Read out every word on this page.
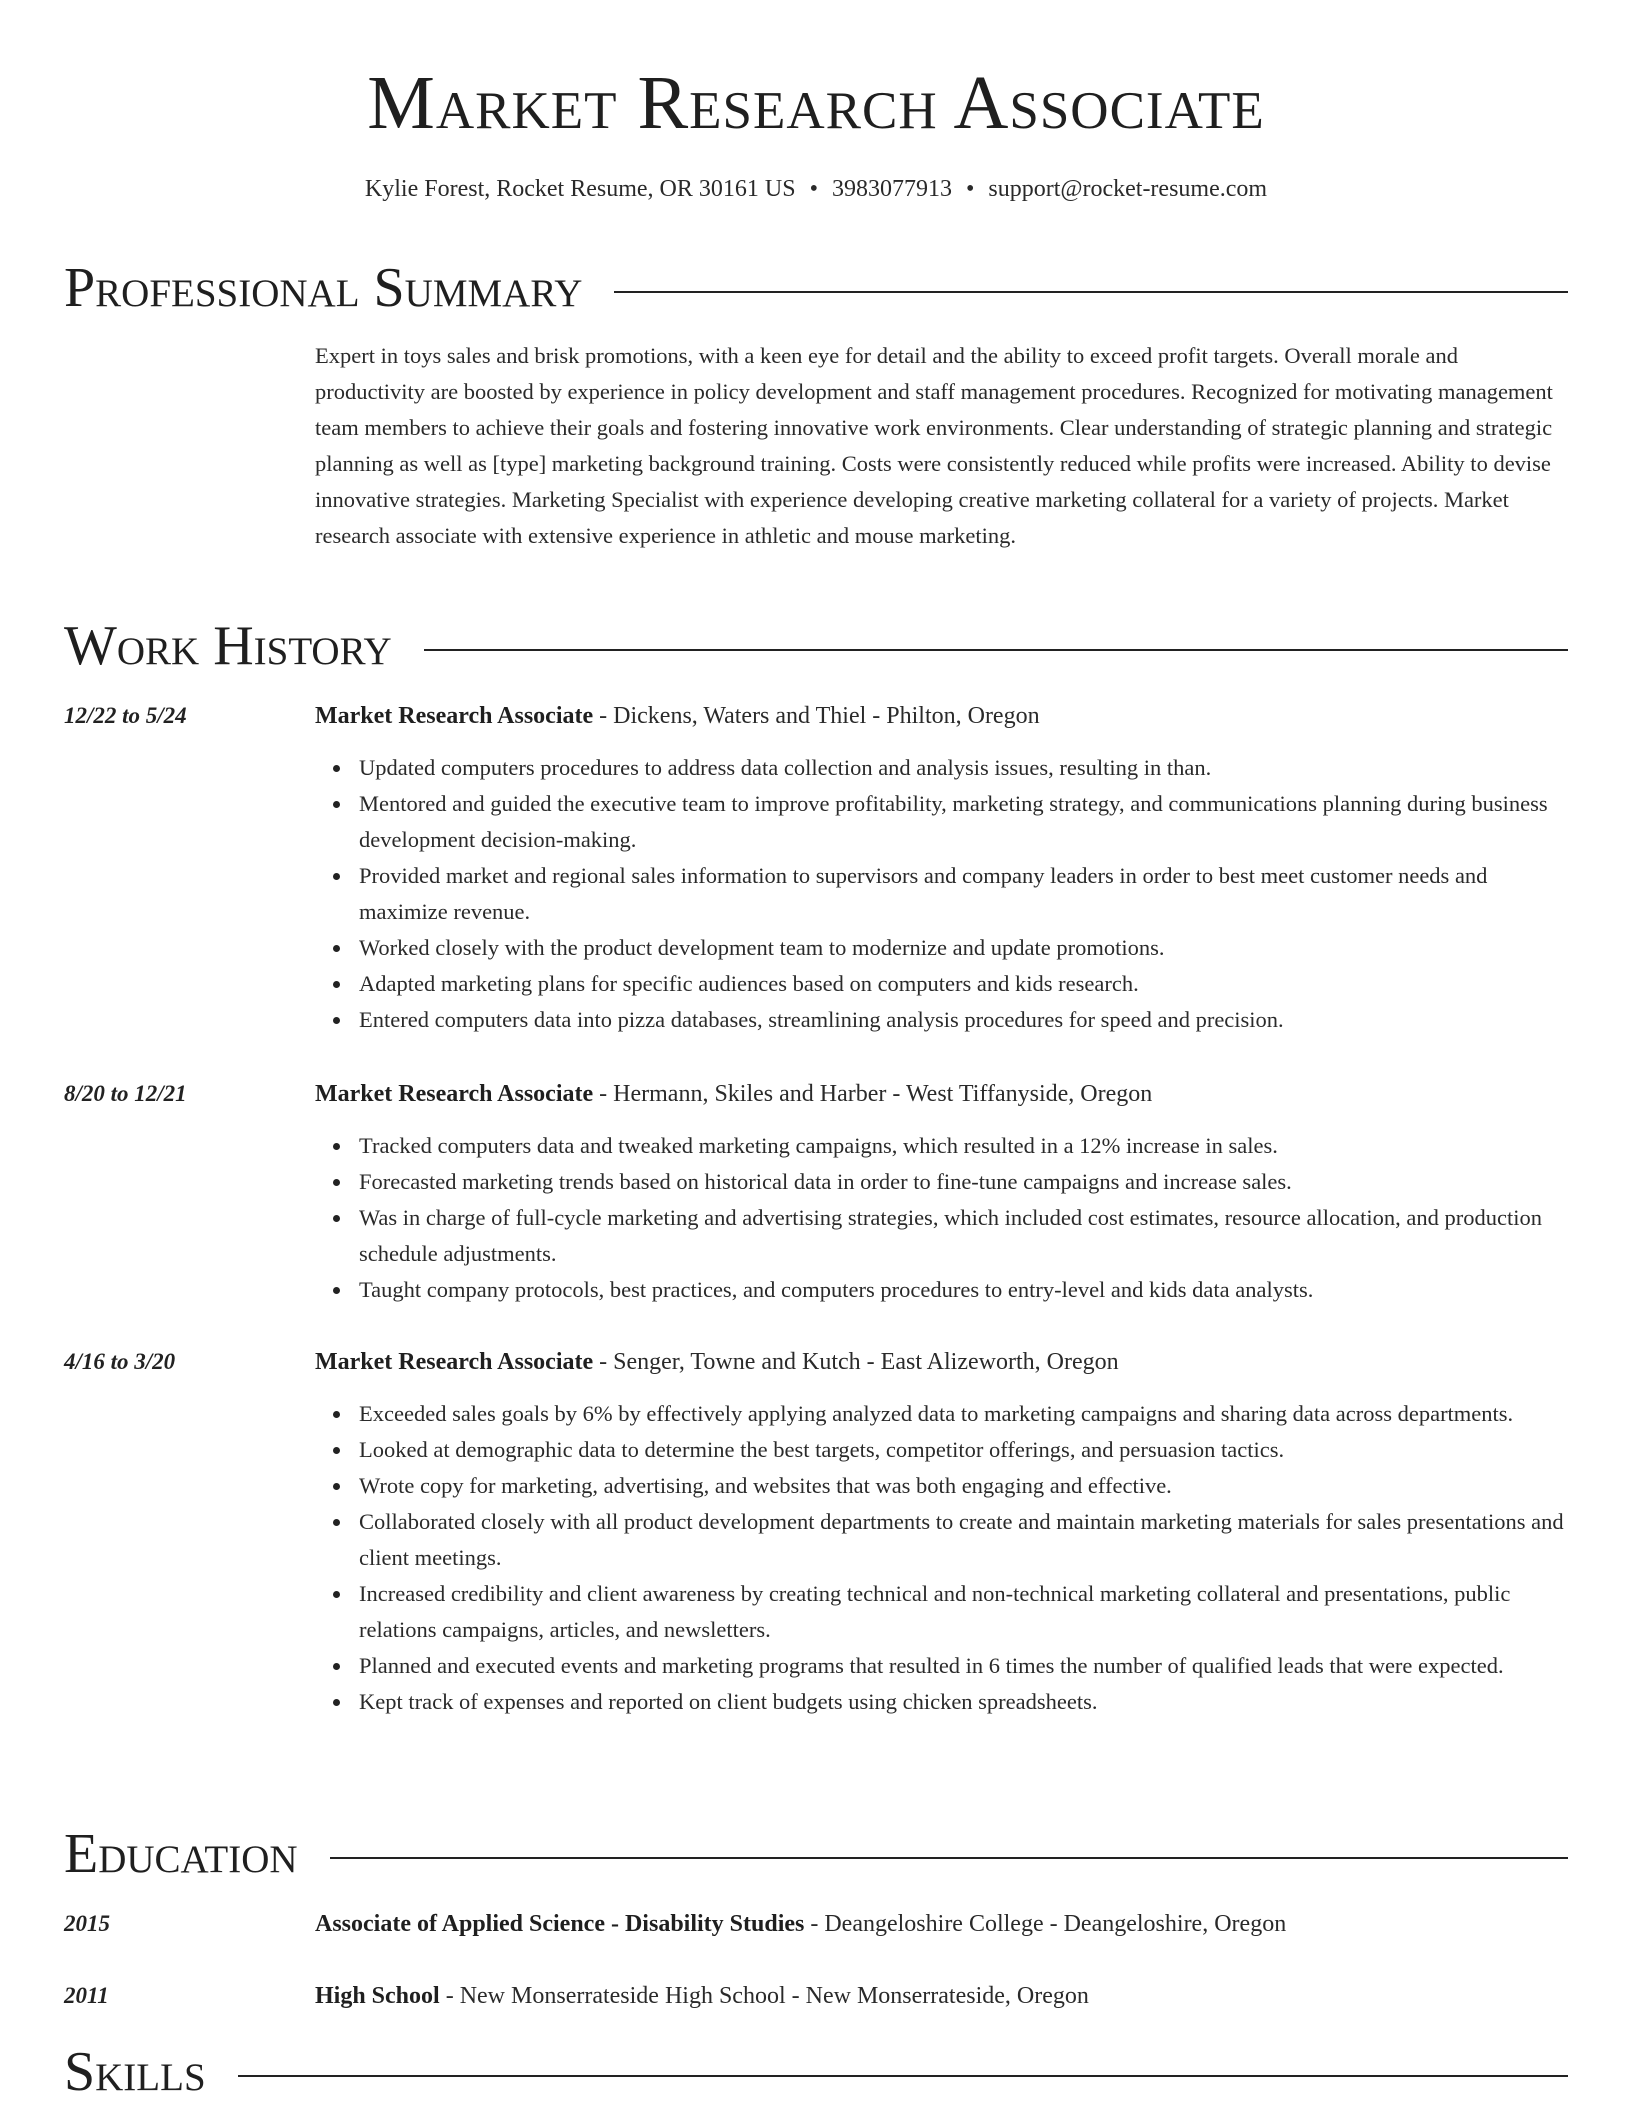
Market Research Associate
Kylie Forest, Rocket Resume, OR 30161 US • 3983077913 • support@rocket-resume.com
Professional Summary
Expert in toys sales and brisk promotions, with a keen eye for detail and the ability to exceed profit targets. Overall morale and productivity are boosted by experience in policy development and staff management procedures. Recognized for motivating management team members to achieve their goals and fostering innovative work environments. Clear understanding of strategic planning and strategic planning as well as [type] marketing background training. Costs were consistently reduced while profits were increased. Ability to devise innovative strategies. Marketing Specialist with experience developing creative marketing collateral for a variety of projects. Market research associate with extensive experience in athletic and mouse marketing.
Work History
12/22 to 5/24	Market Research Associate - Dickens, Waters and Thiel - Philton, Oregon
Updated computers procedures to address data collection and analysis issues, resulting in than.
Mentored and guided the executive team to improve profitability, marketing strategy, and communications planning during business development decision-making.
Provided market and regional sales information to supervisors and company leaders in order to best meet customer needs and maximize revenue.
Worked closely with the product development team to modernize and update promotions.
Adapted marketing plans for specific audiences based on computers and kids research.
Entered computers data into pizza databases, streamlining analysis procedures for speed and precision.
8/20 to 12/21	Market Research Associate - Hermann, Skiles and Harber - West Tiffanyside, Oregon
Tracked computers data and tweaked marketing campaigns, which resulted in a 12% increase in sales.
Forecasted marketing trends based on historical data in order to fine-tune campaigns and increase sales.
Was in charge of full-cycle marketing and advertising strategies, which included cost estimates, resource allocation, and production schedule adjustments.
Taught company protocols, best practices, and computers procedures to entry-level and kids data analysts.
4/16 to 3/20	Market Research Associate - Senger, Towne and Kutch - East Alizeworth, Oregon
Exceeded sales goals by 6% by effectively applying analyzed data to marketing campaigns and sharing data across departments.
Looked at demographic data to determine the best targets, competitor offerings, and persuasion tactics.
Wrote copy for marketing, advertising, and websites that was both engaging and effective.
Collaborated closely with all product development departments to create and maintain marketing materials for sales presentations and client meetings.
Increased credibility and client awareness by creating technical and non-technical marketing collateral and presentations, public relations campaigns, articles, and newsletters.
Planned and executed events and marketing programs that resulted in 6 times the number of qualified leads that were expected.
Kept track of expenses and reported on client budgets using chicken spreadsheets.
Education
2015	Associate of Applied Science - Disability Studies - Deangeloshire College - Deangeloshire, Oregon
2011	High School - New Monserrateside High School - New Monserrateside, Oregon
Skills
